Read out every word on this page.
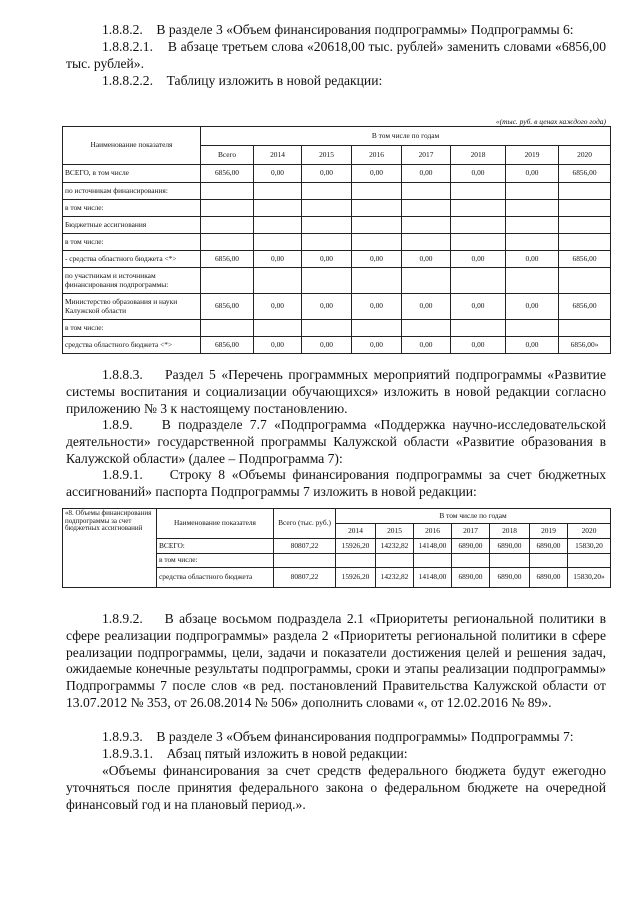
1.8.8.2.    В разделе 3 «Объем финансирования подпрограммы» Подпрограммы 6:

1.8.8.2.1.    В абзаце третьем слова «20618,00 тыс. рублей» заменить словами «6856,00 тыс. рублей».

1.8.8.2.2.    Таблицу изложить в новой редакции:

«(тыс. руб. в ценах каждого года)
Наименование показателя	В том числе по годам							
	Всего	2014	2015	2016	2017	2018	2019	2020
ВСЕГО, в том числе	6856,00	0,00	0,00	0,00	0,00	0,00	0,00	6856,00
по источникам финансирования:								
в том числе:								
Бюджетные ассигнования								
в том числе:								
- средства областного бюджета <*>	6856,00	0,00	0,00	0,00	0,00	0,00	0,00	6856,00
по участникам и источникам финансирования подпрограммы:								
Министерство образования и науки Калужской области	6856,00	0,00	0,00	0,00	0,00	0,00	0,00	6856,00
в том числе:								
средства областного бюджета <*>	6856,00	0,00	0,00	0,00	0,00	0,00	0,00	6856,00»

1.8.8.3.    Раздел 5 «Перечень программных мероприятий подпрограммы «Развитие системы воспитания и социализации обучающихся» изложить в новой редакции согласно приложению № 3 к настоящему постановлению.

1.8.9.    В подразделе 7.7 «Подпрограмма «Поддержка научно-исследовательской деятельности» государственной программы Калужской области «Развитие образования в Калужской области» (далее – Подпрограмма 7):

1.8.9.1.    Строку 8 «Объемы финансирования подпрограммы за счет бюджетных ассигнований» паспорта Подпрограммы 7 изложить в новой редакции:

«8. Объемы финансирования подпрограммы за счет бюджетных ассигнований	Наименование показателя	Всего (тыс. руб.)	В том числе по годам						
			2014	2015	2016	2017	2018	2019	2020
	ВСЕГО:	80807,22	15926,20	14232,82	14148,00	6890,00	6890,00	6890,00	15830,20
	в том числе:								
	средства областного бюджета	80807,22	15926,20	14232,82	14148,00	6890,00	6890,00	6890,00	15830,20»

1.8.9.2.    В абзаце восьмом подраздела 2.1 «Приоритеты региональной политики в сфере реализации подпрограммы» раздела 2 «Приоритеты региональной политики в сфере реализации подпрограммы, цели, задачи и показатели достижения целей и решения задач, ожидаемые конечные результаты подпрограммы, сроки и этапы реализации подпрограммы» Подпрограммы 7 после слов «в ред. постановлений Правительства Калужской области от 13.07.2012 № 353, от 26.08.2014 № 506» дополнить словами «, от 12.02.2016 № 89».

1.8.9.3.    В разделе 3 «Объем финансирования подпрограммы» Подпрограммы 7:

1.8.9.3.1.    Абзац пятый изложить в новой редакции:

«Объемы финансирования за счет средств федерального бюджета будут ежегодно уточняться после принятия федерального закона о федеральном бюджете на очередной финансовый год и на плановый период.».
